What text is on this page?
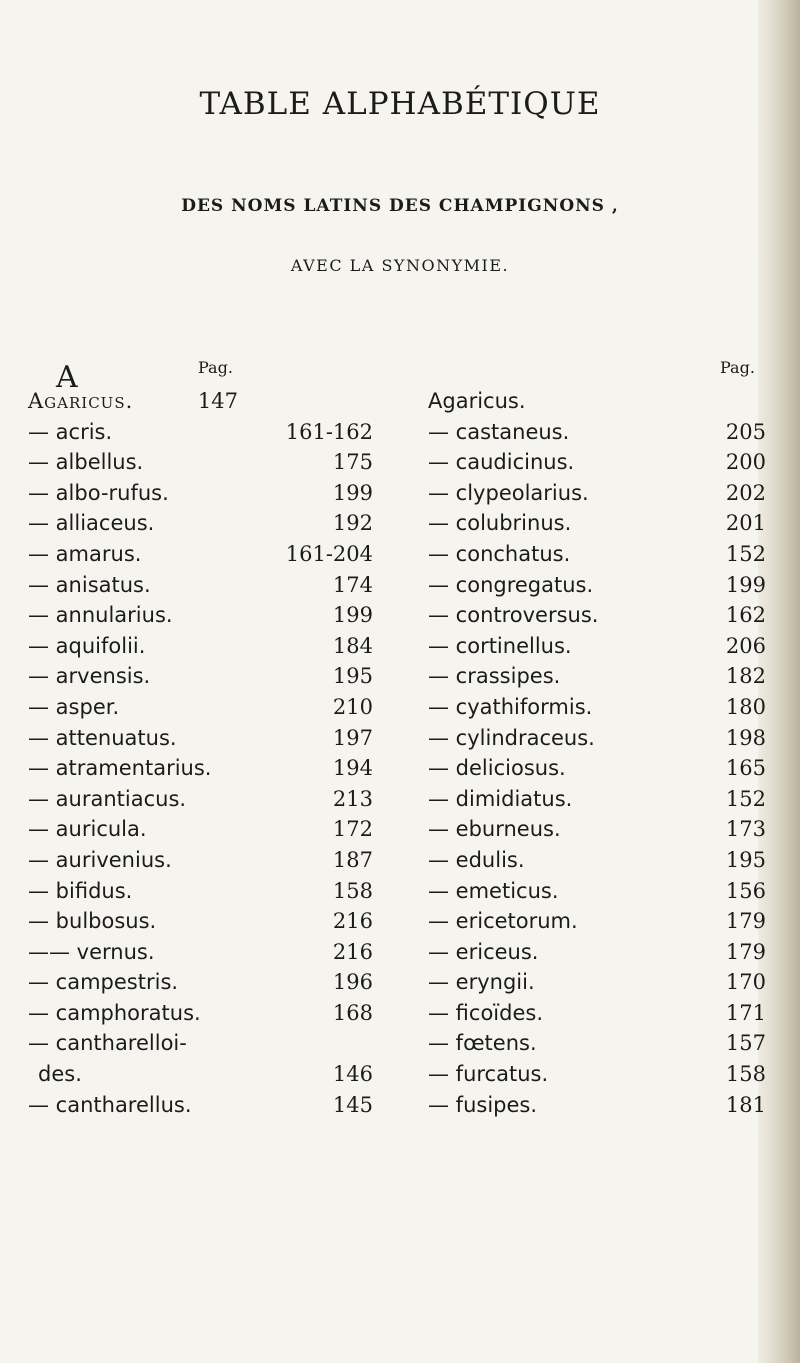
TABLE ALPHABÉTIQUE
DES NOMS LATINS DES CHAMPIGNONS ,
AVEC LA SYNONYMIE.
A	Pag.	Pag.
Agaricus.	147
— acris.	161-162
— albellus.	175
— albo-rufus.	199
— alliaceus.	192
— amarus.	161-204
— anisatus.	174
— annularius.	199
— aquifolii.	184
— arvensis.	195
— asper.	210
— attenuatus.	197
— atramentarius.	194
— aurantiacus.	213
— auricula.	172
— aurivenius.	187
— bifidus.	158
— bulbosus.	216
—— vernus.	216
— campestris.	196
— camphoratus.	168
— cantharelloi-
des.	146
— cantharellus.	145
Agaricus.
— castaneus.	205
— caudicinus.	200
— clypeolarius.	202
— colubrinus.	201
— conchatus.	152
— congregatus.	199
— controversus.	162
— cortinellus.	206
— crassipes.	182
— cyathiformis.	180
— cylindraceus.	198
— deliciosus.	165
— dimidiatus.	152
— eburneus.	173
— edulis.	195
— emeticus.	156
— ericetorum.	179
— ericeus.	179
— eryngii.	170
— ficoïdes.	171
— fœtens.	157
— furcatus.	158
— fusipes.	181
